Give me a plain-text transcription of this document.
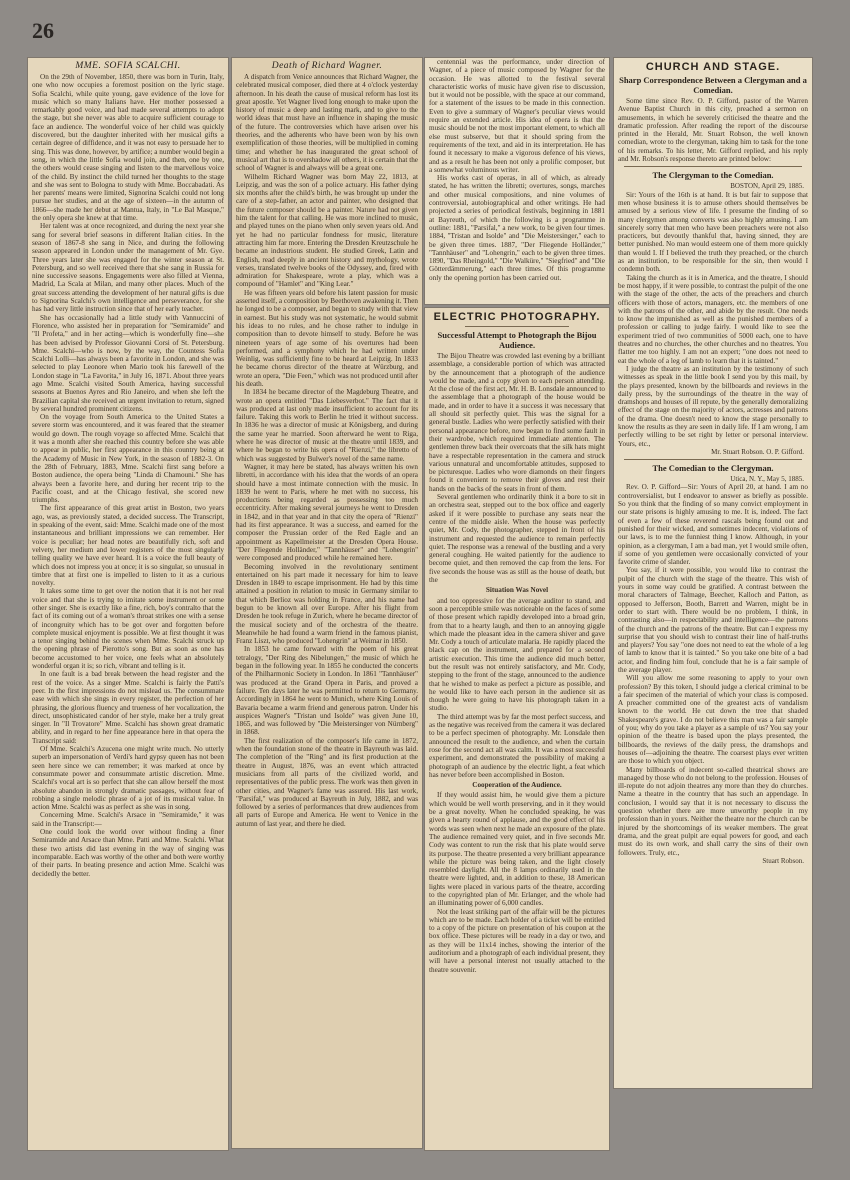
26
MME. SOFIA SCALCHI.

On the 29th of November, 1850, there was born in Turin, Italy, one who now occupies a foremost position on the lyric stage. Sofia Scalchi, while quite young, gave evidence of the love for music which so many Italians have. Her mother possessed a remarkably good voice, and had made several attempts to adopt the stage, but she never was able to acquire sufficient courage to face an audience. The wonderful voice of her child was quickly discovered, but the daughter inherited with her musical gifts a certain degree of diffidence, and it was not easy to persuade her to sing. This was done, however, by artifice; a number would begin a song, in which the little Sofia would join, and then, one by one, the others would cease singing and listen to the marvellous voice of the child. By instinct the child turned her thoughts to the stage and she was sent to Bologna to study with Mme. Boccabadati. As her parents' means were limited, Signorina Scalchi could not long pursue her studies, and at the age of sixteen—in the autumn of 1866—she made her debut at Mantua, Italy, in "Le Bal Masque," the only opera she knew at that time.

Her talent was at once recognized, and during the next year she sang for several brief seasons in different Italian cities. In the season of 1867-8 she sang in Nice, and during the following season appeared in London under the management of Mr. Gye. Three years later she was engaged for the winter season at St. Petersburg, and so well received there that she sang in Russia for nine successive seasons. Engagements were also filled at Vienna, Madrid, La Scala at Milan, and many other places. Much of the great success attending the development of her natural gifts is due to Signorina Scalchi's own intelligence and perseverance, for she has had very little instruction since that of her early teacher.

She has occasionally had a little study with Vannuccini of Florence, who assisted her in preparation for "Semiramide" and "Il Profeta," and in her acting—which is wonderfully fine—she has been advised by Professor Giovanni Corsi of St. Petersburg. Mme. Scalchi—who is now, by the way, the Countess Sofia Scalchi Lolli—has always been a favorite in London, and she was selected to play Leonore when Mario took his farewell of the London stage in "La Favorita," in July 16, 1871. About three years ago Mme. Scalchi visited South America, having successful seasons at Buenos Ayres and Rio Janeiro, and when she left the Brazilian capital she received an urgent invitation to return, signed by several hundred prominent citizens.

On the voyage from South America to the United States a severe storm was encountered, and it was feared that the steamer would go down. The rough voyage so affected Mme. Scalchi that it was a month after she reached this country before she was able to appear in public, her first appearance in this country being at the Academy of Music in New York, in the season of 1882-3. On the 28th of February, 1883, Mme. Scalchi first sang before a Boston audience, the opera being "Linda di Chamouni." She has always been a favorite here, and during her recent trip to the Pacific coast, and at the Chicago festival, she scored new triumphs.

The first appearance of this great artist in Boston, two years ago, was, as previously stated, a decided success. The Transcript, in speaking of the event, said: Mme. Scalchi made one of the most instantaneous and brilliant impressions we can remember. Her voice is peculiar; her head notes are beautifully rich, soft and velvety, her medium and lower registers of the most singularly telling quality we have ever heard. It is a voice the full beauty of which does not impress you at once; it is so singular, so unusual in timbre that at first one is impelled to listen to it as a curious novelty.

It takes some time to get over the notion that it is not her real voice and that she is trying to imitate some instrument or some other singer. She is exactly like a fine, rich, boy's contralto that the fact of its coming out of a woman's throat strikes one with a sense of incongruity which has to be got over and forgotten before complete musical enjoyment is possible. We at first thought it was a tenor singing behind the scenes when Mme. Scalchi struck up the opening phrase of Pierotto's song. But as soon as one has become accustomed to her voice, one feels what an absolutely wonderful organ it is; so rich, vibrant and telling is it.

In one fault is a bad break between the head register and the rest of the voice. As a singer Mme. Scalchi is fairly the Patti's peer. In the first impressions do not mislead us. The consummate ease with which she sings in every register, the perfection of her phrasing, the glorious fluency and trueness of her vocalization, the direct, unsophisticated candor of her style, make her a truly great singer. In "Il Trovatore" Mme. Scalchi has shown great dramatic ability, and in regard to her fine appearance here in that opera the Transcript said:

Of Mme. Scalchi's Azucena one might write much. No utterly superb an impersonation of Verdi's hard gypsy queen has not been seen here since we can remember; it was marked at once by consummate power and consummate artistic discretion. Mme. Scalchi's vocal art is so perfect that she can allow herself the most absolute abandon in strongly dramatic passages, without fear of robbing a single melodic phrase of a jot of its musical value. In action Mme. Scalchi was as perfect as she was in song.

Concerning Mme. Scalchi's Arsace in "Semiramide," it was said in the Transcript:—

One could look the world over without finding a finer Semiramide and Arsace than Mme. Patti and Mme. Scalchi. What these two artists did last evening in the way of singing was incomparable. Each was worthy of the other and both were worthy of their parts. In beating presence and action Mme. Scalchi was decidedly the better.

Death of Richard Wagner.

A dispatch from Venice announces that Richard Wagner, the celebrated musical composer, died there at 4 o'clock yesterday afternoon. In his death the cause of musical reform has lost its great apostle. Yet Wagner lived long enough to make upon the history of music a deep and lasting mark, and to give to the world ideas that must have an influence in shaping the music of the future. The controversies which have arisen over his theories, and the adherents who have been won by his own exemplification of those theories, will be multiplied in coming time; and whether he has inaugurated the great school of musical art that is to overshadow all others, it is certain that the school of Wagner is and always will be a great one.

Wilhelm Richard Wagner was born May 22, 1813, at Leipzig, and was the son of a police actuary. His father dying six months after the child's birth, he was brought up under the care of a step-father, an actor and painter, who designed that the future composer should be a painter. Nature had not given him the talent for that calling. He was more inclined to music, and played tunes on the piano when only seven years old. And yet he had no particular fondness for music, literature attracting him far more. Entering the Dresden Kreutzschule he became an industrious student. He studied Greek, Latin and English, read deeply in ancient history and mythology, wrote verses, translated twelve books of the Odyssey, and, fired with admiration for Shakespeare, wrote a play, which was a compound of "Hamlet" and "King Lear."

He was fifteen years old before his latent passion for music asserted itself, a composition by Beethoven awakening it. Then he longed to be a composer, and began to study with that view in earnest. But his study was not systematic, he would submit his ideas to no rules, and he chose rather to indulge in composition than to devote himself to study. Before he was nineteen years of age some of his overtures had been performed, and a symphony which he had written under Weinlig, was sufficiently fine to be heard at Leipzig. In 1833 he became chorus director of the theatre at Würzburg, and wrote an opera, "Die Feen," which was not produced until after his death.

In 1834 he became director of the Magdeburg Theatre, and wrote an opera entitled "Das Liebesverbot." The fact that it was produced at last only made insufficient to account for its failure. Taking this work to Berlin he tried it without success. In 1836 he was a director of music at Königsberg, and during the same year he married. Soon afterward he went to Riga, where he was director of music at the theatre until 1839, and where he began to write his opera of "Rienzi," the libretto of which was suggested by Bulwer's novel of the same name.

Wagner, it may here be stated, has always written his own libretti, in accordance with his idea that the words of an opera should have a most intimate connection with the music. In 1839 he went to Paris, where he met with no success, his productions being regarded as possessing too much eccentricity. After making several journeys he went to Dresden in 1842, and in that year and in that city the opera of "Rienzi" had its first appearance. It was a success, and earned for the composer the Prussian order of the Red Eagle and an appointment as Kapellmeister at the Dresden Opera House. "Der Fliegende Holländer," "Tannhäuser" and "Lohengrin" were composed and produced while he remained here.

Becoming involved in the revolutionary sentiment entertained on his part made it necessary for him to leave Dresden in 1849 to escape imprisonment. He had by this time attained a position in relation to music in Germany similar to that which Berlioz was holding in France, and his name had begun to be known all over Europe. After his flight from Dresden he took refuge in Zurich, where he became director of the musical society and of the orchestra of the theatre. Meanwhile he had found a warm friend in the famous pianist, Franz Liszt, who produced "Lohengrin" at Weimar in 1850.

In 1853 he came forward with the poem of his great tetralogy, "Der Ring des Nibelungen," the music of which he began in the following year. In 1855 he conducted the concerts of the Philharmonic Society in London. In 1861 "Tannhäuser" was produced at the Grand Opera in Paris, and proved a failure. Ten days later he was permitted to return to Germany. Accordingly in 1864 he went to Munich, where King Louis of Bavaria became a warm friend and generous patron. Under his auspices Wagner's "Tristan und Isolde" was given June 10, 1865, and was followed by "Die Meistersinger von Nürnberg" in 1868.

The first realization of the composer's life came in 1872, when the foundation stone of the theatre in Bayreuth was laid. The completion of the "Ring" and its first production at the theatre in August, 1876, was an event which attracted musicians from all parts of the civilized world, and representatives of the public press. The work was then given in other cities, and Wagner's fame was assured. His last work, "Parsifal," was produced at Bayreuth in July, 1882, and was followed by a series of performances that drew audiences from all parts of Europe and America. He went to Venice in the autumn of last year, and there he died.

centennial was the performance, under direction of Wagner, of a piece of music composed by Wagner for the occasion. He was allotted to the festival several characteristic works of music have given rise to discussion, but it would not be possible, with the space at our command, for a statement of the issues to be made in this connection. Even to give a summary of Wagner's peculiar views would require an extended article. His idea of opera is that the music should be not the most important element, to which all else must subserve, but that it should spring from the requirements of the text, and aid in its interpretation. He has found it necessary to make a vigorous defence of his views, and as a result he has been not only a prolific composer, but a somewhat voluminous writer.

His works cast of operas, in all of which, as already stated, he has written the libretti; overtures, songs, marches and other musical compositions, and nine volumes of controversial, autobiographical and other writings. He had projected a series of periodical festivals, beginning in 1881 at Bayreuth, of which the following is a programme in outline: 1881, "Parsifal," a new work, to be given four times. 1884, "Tristan and Isolde" and "Die Meistersinger," each to be given three times. 1887, "Der Fliegende Holländer," "Tannhäuser" and "Lohengrin," each to be given three times. 1890, "Das Rheingold," "Die Walküre," "Siegfried" and "Die Götterdämmerung," each three times. Of this programme only the opening portion has been carried out.

ELECTRIC PHOTOGRAPHY.
Successful Attempt to Photograph the Bijou Audience.

The Bijou Theatre was crowded last evening by a brilliant assemblage, a considerable portion of which was attracted by the announcement that a photograph of the audience would be made, and a copy given to each person attending. At the close of the first act, Mr. H. B. Lonsdale announced to the assemblage that a photograph of the house would be made, and in order to have it a success it was necessary that all should sit perfectly quiet. This was the signal for a general bustle. Ladies who were perfectly satisfied with their personal appearance before, now began to find some fault in their wardrobe, which required immediate attention. The gentlemen threw back their overcoats that the silk hats might have a respectable representation in the camera and struck various unnatural and uncomfortable attitudes, supposed to be picturesque. Ladies who wore diamonds on their fingers found it convenient to remove their gloves and rest their hands on the backs of the seats in front of them.

Several gentlemen who ordinarily think it a bore to sit in an orchestra seat, stepped out to the box office and eagerly asked if it were possible to purchase any seats near the centre of the middle aisle. When the house was perfectly quiet, Mr. Cody, the photographer, stepped in front of his instrument and requested the audience to remain perfectly quiet. The response was a renewal of the bustling and a very general coughing. He waited patiently for the audience to become quiet, and then removed the cap from the lens. For five seconds the house was as still as the house of death, but the

Situation Was Novel

and too oppressive for the average auditor to stand, and soon a perceptible smile was noticeable on the faces of some of those present which rapidly developed into a broad grin, from that to a hearty laugh, and then to an annoying giggle which made the pleasant idea in the camera shiver and gave Mr. Cody a touch of articulate malaria. He rapidly placed the black cap on the instrument, and prepared for a second artistic execution. This time the audience did much better, but the result was not entirely satisfactory, and Mr. Cody, stepping to the front of the stage, announced to the audience that he wished to make as perfect a picture as possible, and he would like to have each person in the audience sit as though he were going to have his photograph taken in a studio.

The third attempt was by far the most perfect success, and as the negative was received from the camera it was declared to be a perfect specimen of photography. Mr. Lonsdale then announced the result to the audience, and when the curtain rose for the second act all was calm. It was a most successful experiment, and demonstrated the possibility of making a photograph of an audience by the electric light, a feat which has never before been accomplished in Boston.

Cooperation of the Audience.

If they would assist him, he would give them a picture which would be well worth preserving, and in it they would be a great novelty. When he concluded speaking, he was given a hearty round of applause, and the good effect of his words was seen when next he made an exposure of the plate. The audience remained very quiet, and in five seconds Mr. Cody was content to run the risk that his plate would serve its purpose. The theatre presented a very brilliant appearance while the picture was being taken, and the light closely resembled daylight. All the 8 lamps ordinarily used in the theatre were lighted, and, in addition to these, 18 American lights were placed in various parts of the theatre, according to the copyrighted plan of Mr. Erlanger, and the whole had an illuminating power of 6,000 candles.

Not the least striking part of the affair will be the pictures which are to be made. Each holder of a ticket will be entitled to a copy of the picture on presentation of his coupon at the box office. These pictures will be ready in a day or two, and as they will be 11x14 inches, showing the interior of the auditorium and a photograph of each individual present, they will have a personal interest not usually attached to the theatre souvenir.

CHURCH AND STAGE.
Sharp Correspondence Between a Clergyman and a Comedian.

Some time since Rev. O. P. Gifford, pastor of the Warren Avenue Baptist Church in this city, preached a sermon on amusements, in which he severely criticised the theatre and the dramatic profession. After reading the report of the discourse printed in the Herald, Mr. Stuart Robson, the well known comedian, wrote to the clergyman, taking him to task for the tone of his remarks. To his letter, Mr. Gifford replied, and his reply and Mr. Robson's response thereto are printed below:

The Clergyman to the Comedian.

BOSTON, April 29, 1885.

Sir: Yours of the 16th is at hand. It is but fair to suppose that men whose business it is to amuse others should themselves be amused by a serious view of life. I presume the finding of so many clergymen among converts was also highly amusing. I am sincerely sorry that men who have been preachers were not also practicers, but devoutly thankful that, having sinned, they are better punished. No man would esteem one of them more quickly than would I. If I believed the truth they preached, or the church as an institution, to be responsible for the sin, then would I condemn both.

Taking the church as it is in America, and the theatre, I should be most happy, if it were possible, to contrast the pulpit of the one with the stage of the other, the acts of the preachers and church officers with those of actors, managers, etc. the members of one with the patrons of the other, and abide by the result. One needs to know the impunished as well as the punished members of a profession or calling to judge fairly. I would like to see the experiment tried of two communities of 5000 each, one to have theatres and no churches, the other churches and no theatres. You flatter me too highly. I am not an expert; "one does not need to eat the whole of a leg of lamb to learn that it is tainted."

I judge the theatre as an institution by the testimony of such witnesses as speak in the little book I send you by this mail, by the plays presented, known by the billboards and reviews in the daily press, by the surroundings of the theatre in the way of dramshops and houses of ill repute, by the generally demoralizing effect of the stage on the majority of actors, actresses and patrons of the drama. One doesn't need to know the stage personally to know the results as they are seen in daily life. If I am wrong, I am perfectly willing to be set right by letter or personal interview. Yours, etc.,

Mr. Stuart Robson. O. P. Gifford.

The Comedian to the Clergyman.

Utica, N. Y., May 5, 1885.

Rev. O. P. Gifford—Sir: Yours of April 20, at hand. I am no controversialist, but I endeavor to answer as briefly as possible. So you think that the finding of so many convict employment in our state prisons is highly amusing to me. It is, indeed. The fact of even a few of these reverend rascals being found out and punished for their wicked, and sometimes indecent, violations of our laws, is to me the funniest thing I know. Although, in your opinion, as a clergyman, I am a bad man, yet I would smile often, if some of you gentlemen were occasionally convicted of your favorite crime of slander.

You say, if it were possible, you would like to contrast the pulpit of the church with the stage of the theatre. This wish of yours in some way could be gratified. A contrast between the moral characters of Talmage, Beecher, Kalloch and Patton, as opposed to Jefferson, Booth, Barrett and Warren, might be in order to start with. There would be no problem, I think, in contrasting also—in respectability and intelligence—the patrons of the church and the patrons of the theatre. But can I express my surprise that you should wish to contrast their line of half-truths and players? You say "one does not need to eat the whole of a leg of lamb to know that it is tainted." So you take one bite of a bad actor, and finding him foul, conclude that he is a fair sample of the average player.

Will you allow me some reasoning to apply to your own profession? By this token, I should judge a clerical criminal to be a fair specimen of the material of which your class is composed. A preacher committed one of the greatest acts of vandalism known to the world. He cut down the tree that shaded Shakespeare's grave. I do not believe this man was a fair sample of you; why do you take a player as a sample of us? You say your opinion of the theatre is based upon the plays presented, the billboards, the reviews of the daily press, the dramshops and houses of—adjoining the theatre. The coarsest plays ever written are those to which you object.

Many billboards of indecent so-called theatrical shows are managed by those who do not belong to the profession. Houses of ill-repute do not adjoin theatres any more than they do churches. Name a theatre in the country that has such an appendage. In conclusion, I would say that it is not necessary to discuss the question whether there are more unworthy people in my profession than in yours. Neither the theatre nor the church can be injured by the shortcomings of its weaker members. The great drama, and the great pulpit are equal powers for good, and each must do its own work, and shall carry the sins of their own followers. Truly, etc.,

Stuart Robson.
